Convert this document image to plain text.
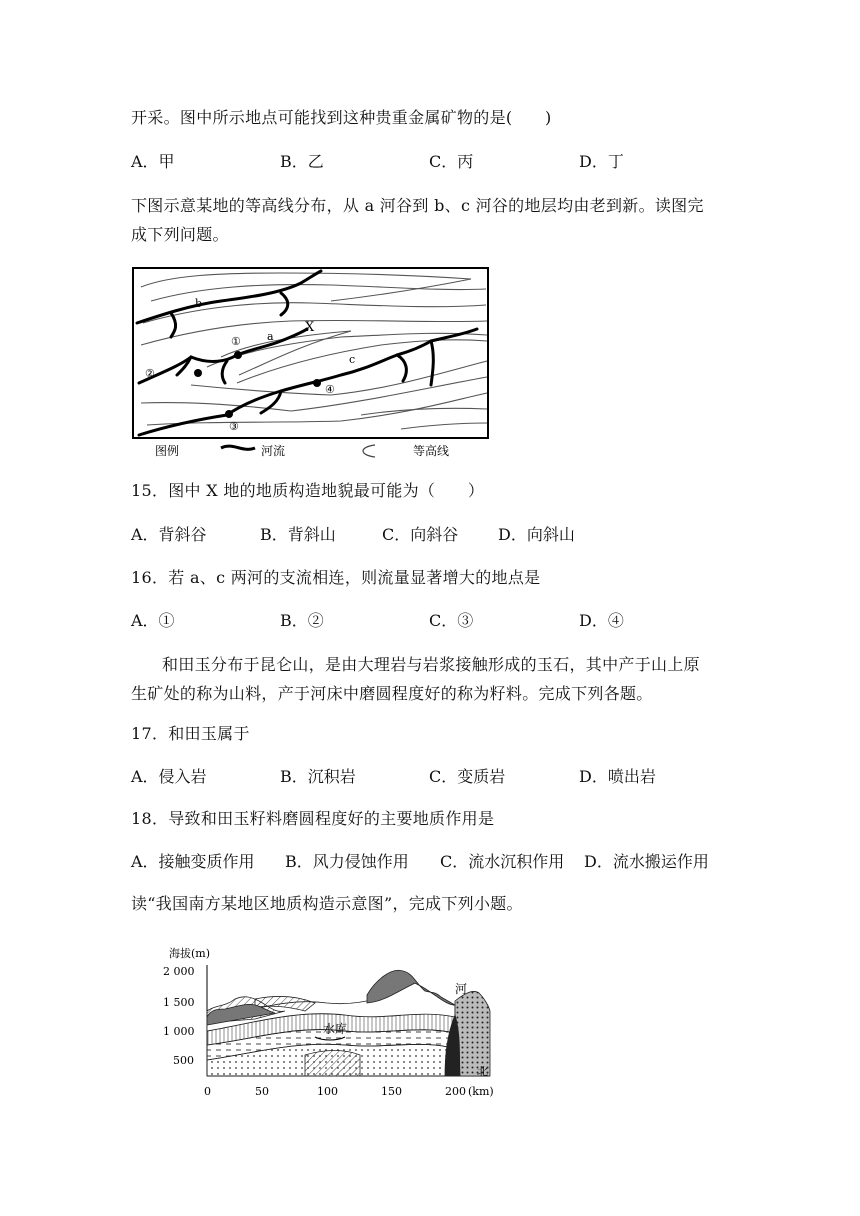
开采。图中所示地点可能找到这种贵重金属矿物的是(　　)
A．甲	B．乙	C．丙	D．丁
下图示意某地的等高线分布，从 a 河谷到 b、c 河谷的地层均由老到新。读图完
成下列问题。
①
②
③
④
a
b
c
X
图例	河流	等高线
15．图中 X 地的地质构造地貌最可能为（　　）
A．背斜谷	B．背斜山	C．向斜谷 D．向斜山
16．若 a、c 两河的支流相连，则流量显著增大的地点是
A．①	B．②	C．③	D．④
和田玉分布于昆仑山，是由大理岩与岩浆接触形成的玉石，其中产于山上原
生矿处的称为山料，产于河床中磨圆程度好的称为籽料。完成下列各题。
17．和田玉属于
A．侵入岩	B．沉积岩	C．变质岩	D．喷出岩
18．导致和田玉籽料磨圆程度好的主要地质作用是
A．接触变质作用 B．风力侵蚀作用 C．流水沉积作用 D．流水搬运作用
读“我国南方某地区地质构造示意图”，完成下列小题。
海拔(m)
2 000
1 500
1 000
500
水库
河
北
0	50	100	150	200 (km)
